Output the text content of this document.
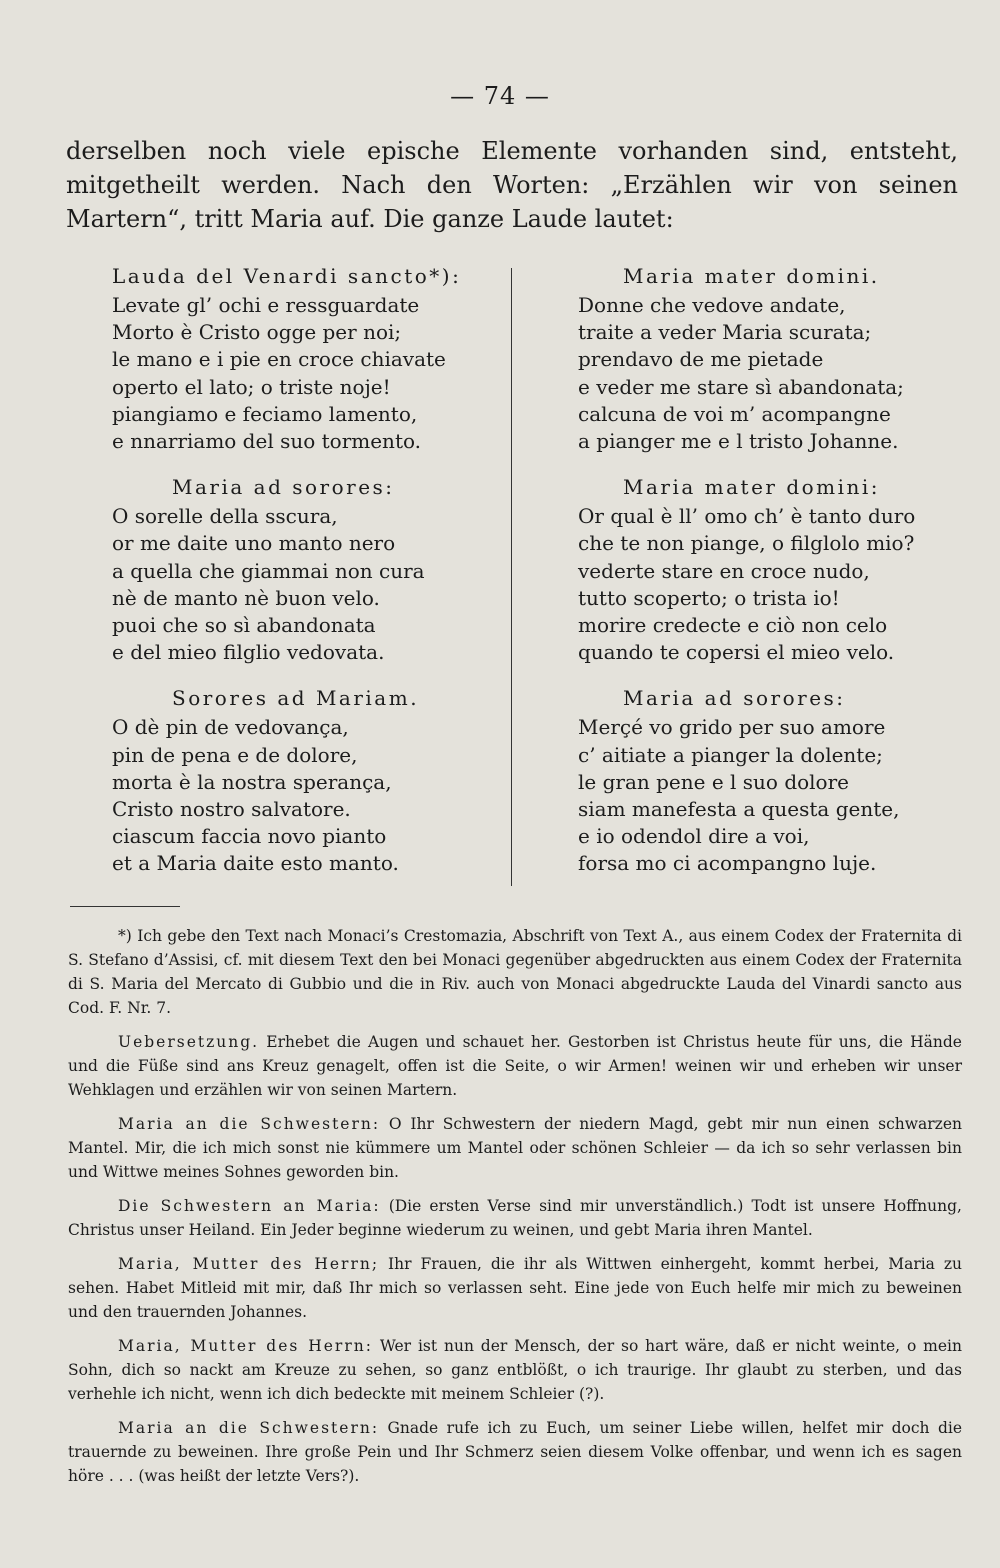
— 74 —

derselben noch viele epische Elemente vorhanden sind, entsteht, mitgetheilt werden. Nach den Worten: „Erzählen wir von seinen Martern“, tritt Maria auf. Die ganze Laude lautet:

Lauda del Venardi sancto*):

Levate gl’ ochi e ressguardate

Morto è Cristo ogge per noi;

le mano e i pie en croce chiavate

operto el lato; o triste noje!

piangiamo e feciamo lamento,

e nnarriamo del suo tormento.

Maria ad sorores:

O sorelle della sscura,

or me daite uno manto nero

a quella che giammai non cura

nè de manto nè buon velo.

puoi che so sì abandonata

e del mieo filglio vedovata.

Sorores ad Mariam.

O dè pin de vedovança,

pin de pena e de dolore,

morta è la nostra sperança,

Cristo nostro salvatore.

ciascum faccia novo pianto

et a Maria daite esto manto.

Maria mater domini.

Donne che vedove andate,

traite a veder Maria scurata;

prendavo de me pietade

e veder me stare sì abandonata;

calcuna de voi m’ acompangne

a pianger me e l tristo Johanne.

Maria mater domini:

Or qual è ll’ omo ch’ è tanto duro

che te non piange, o filglolo mio?

vederte stare en croce nudo,

tutto scoperto; o trista io!

morire credecte e ciò non celo

quando te copersi el mieo velo.

Maria ad sorores:

Merçé vo grido per suo amore

c’ aitiate a pianger la dolente;

le gran pene e l suo dolore

siam manefesta a questa gente,

e io odendol dire a voi,

forsa mo ci acompangno luje.

*) Ich gebe den Text nach Monaci’s Crestomazia, Abschrift von Text A., aus einem Codex der Fraternita di S. Stefano d’Assisi, cf. mit diesem Text den bei Monaci gegenüber abgedruckten aus einem Codex der Fraternita di S. Maria del Mercato di Gubbio und die in Riv. auch von Monaci abgedruckte Lauda del Vinardi sancto aus Cod. F. Nr. 7.

Uebersetzung. Erhebet die Augen und schauet her. Gestorben ist Christus heute für uns, die Hände und die Füße sind ans Kreuz genagelt, offen ist die Seite, o wir Armen! weinen wir und erheben wir unser Wehklagen und erzählen wir von seinen Martern.

Maria an die Schwestern: O Ihr Schwestern der niedern Magd, gebt mir nun einen schwarzen Mantel. Mir, die ich mich sonst nie kümmere um Mantel oder schönen Schleier — da ich so sehr verlassen bin und Wittwe meines Sohnes geworden bin.

Die Schwestern an Maria: (Die ersten Verse sind mir unverständlich.) Todt ist unsere Hoffnung, Christus unser Heiland. Ein Jeder beginne wiederum zu weinen, und gebt Maria ihren Mantel.

Maria, Mutter des Herrn; Ihr Frauen, die ihr als Wittwen einhergeht, kommt herbei, Maria zu sehen. Habet Mitleid mit mir, daß Ihr mich so verlassen seht. Eine jede von Euch helfe mir mich zu beweinen und den trauernden Johannes.

Maria, Mutter des Herrn: Wer ist nun der Mensch, der so hart wäre, daß er nicht weinte, o mein Sohn, dich so nackt am Kreuze zu sehen, so ganz entblößt, o ich traurige. Ihr glaubt zu sterben, und das verhehle ich nicht, wenn ich dich bedeckte mit meinem Schleier (?).

Maria an die Schwestern: Gnade rufe ich zu Euch, um seiner Liebe willen, helfet mir doch die trauernde zu beweinen. Ihre große Pein und Ihr Schmerz seien diesem Volke offenbar, und wenn ich es sagen höre . . . (was heißt der letzte Vers?).
